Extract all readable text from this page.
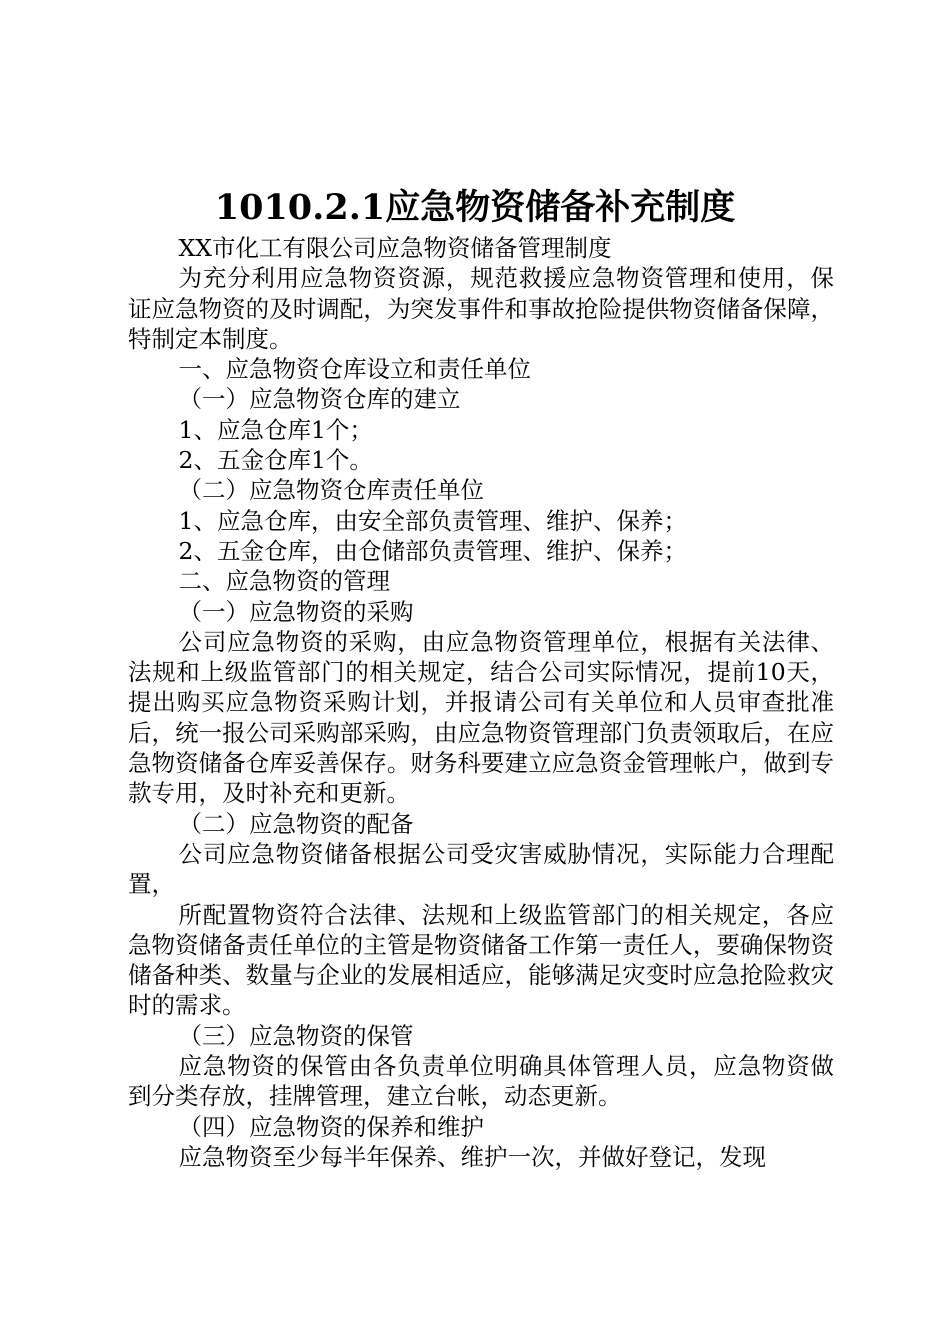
1010.2.1应急物资储备补充制度

XX市化工有限公司应急物资储备管理制度

为充分利用应急物资资源，规范救援应急物资管理和使用，保证应急物资的及时调配，为突发事件和事故抢险提供物资储备保障，特制定本制度。

一、应急物资仓库设立和责任单位

（一）应急物资仓库的建立

1、应急仓库1个；

2、五金仓库1个。

（二）应急物资仓库责任单位

1、应急仓库，由安全部负责管理、维护、保养；

2、五金仓库，由仓储部负责管理、维护、保养；

二、应急物资的管理

（一）应急物资的采购

公司应急物资的采购，由应急物资管理单位，根据有关法律、法规和上级监管部门的相关规定，结合公司实际情况，提前10天，提出购买应急物资采购计划，并报请公司有关单位和人员审查批准后，统一报公司采购部采购，由应急物资管理部门负责领取后，在应急物资储备仓库妥善保存。财务科要建立应急资金管理帐户，做到专款专用，及时补充和更新。

（二）应急物资的配备

公司应急物资储备根据公司受灾害威胁情况，实际能力合理配置，

所配置物资符合法律、法规和上级监管部门的相关规定，各应急物资储备责任单位的主管是物资储备工作第一责任人，要确保物资储备种类、数量与企业的发展相适应，能够满足灾变时应急抢险救灾时的需求。

（三）应急物资的保管

应急物资的保管由各负责单位明确具体管理人员，应急物资做到分类存放，挂牌管理，建立台帐，动态更新。

（四）应急物资的保养和维护

应急物资至少每半年保养、维护一次，并做好登记，发现
